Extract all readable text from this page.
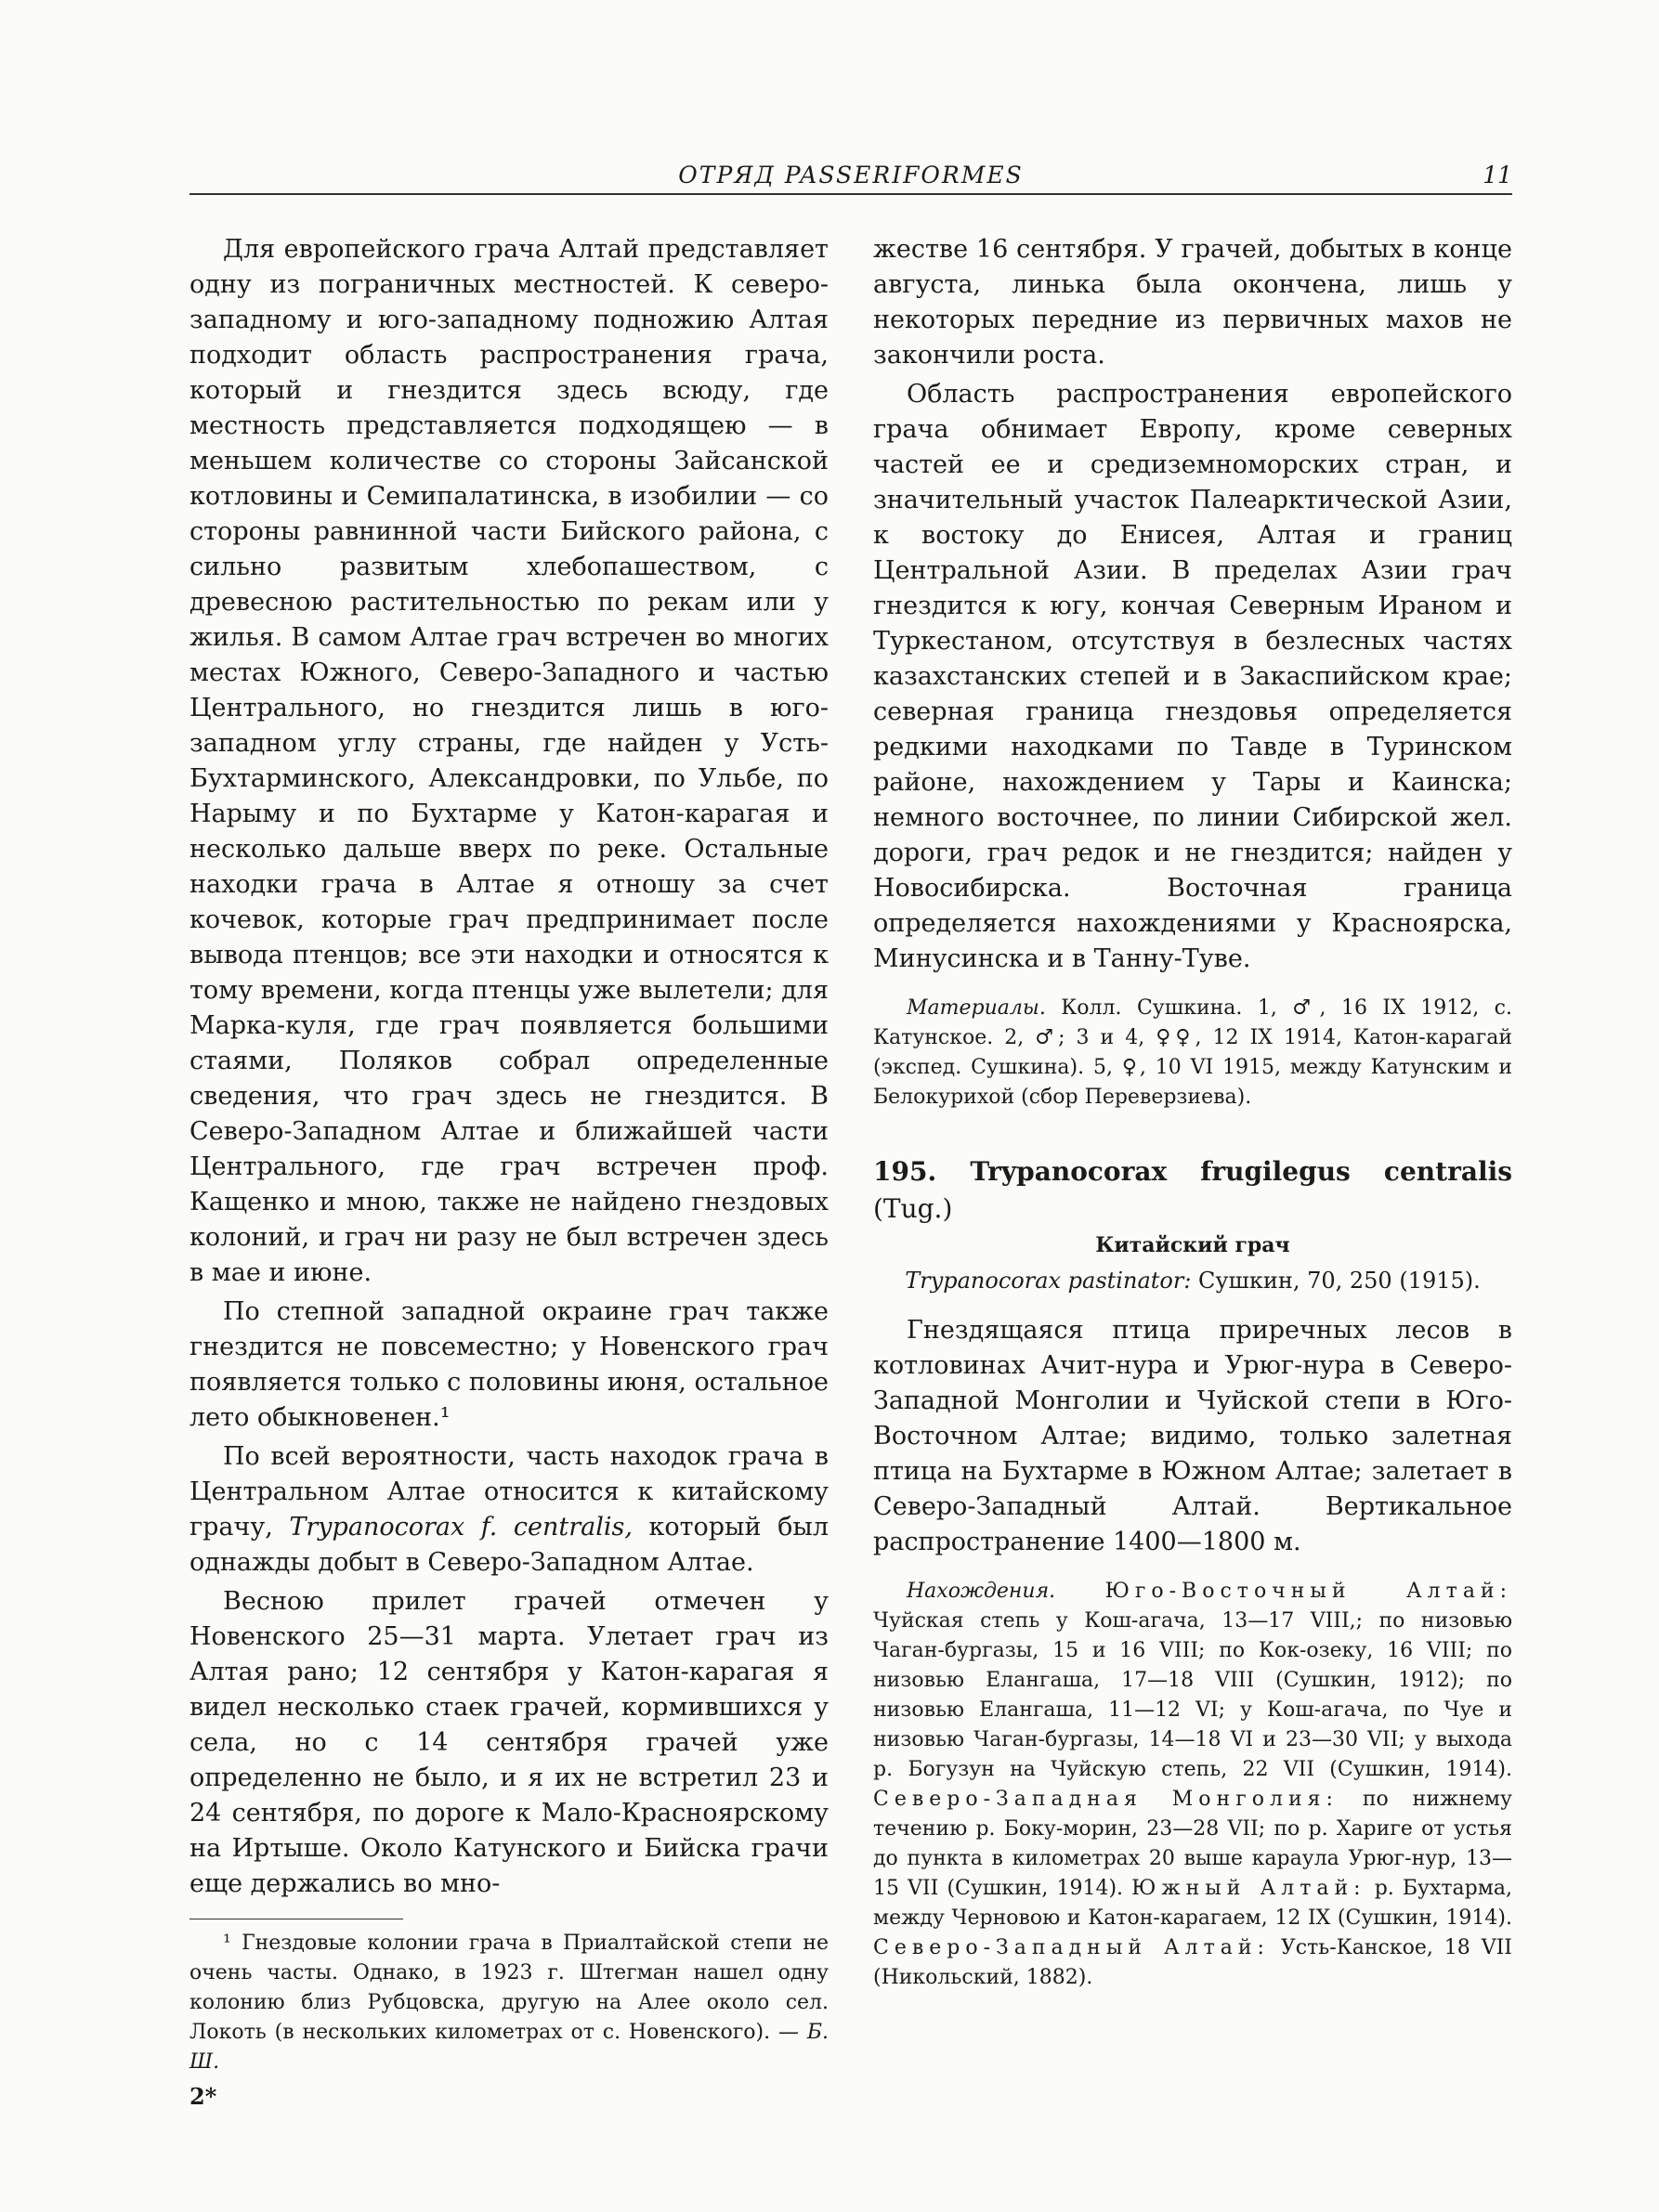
ОТРЯД PASSERIFORMES	11

Для европейского грача Алтай представляет одну из пограничных местностей. К северо-западному и юго-западному подножию Алтая подходит область распространения грача, который и гнездится здесь всюду, где местность представляется подходящею — в меньшем количестве со стороны Зайсанской котловины и Семипалатинска, в изобилии — со стороны равнинной части Бийского района, с сильно развитым хлебопашеством, с древесною растительностью по рекам или у жилья. В самом Алтае грач встречен во многих местах Южного, Северо-Западного и частью Центрального, но гнездится лишь в юго-западном углу страны, где найден у Усть-Бухтарминского, Александровки, по Ульбе, по Нарыму и по Бухтарме у Катон-карагая и несколько дальше вверх по реке. Остальные находки грача в Алтае я отношу за счет кочевок, которые грач предпринимает после вывода птенцов; все эти находки и относятся к тому времени, когда птенцы уже вылетели; для Марка-куля, где грач появляется большими стаями, Поляков собрал определенные сведения, что грач здесь не гнездится. В Северо-Западном Алтае и ближайшей части Центрального, где грач встречен проф. Кащенко и мною, также не найдено гнездовых колоний, и грач ни разу не был встречен здесь в мае и июне.

По степной западной окраине грач также гнездится не повсеместно; у Новенского грач появляется только с половины июня, остальное лето обыкновенен.¹

По всей вероятности, часть находок грача в Центральном Алтае относится к китайскому грачу, Trypanocorax f. centralis, который был однажды добыт в Северо-Западном Алтае.

Весною прилет грачей отмечен у Новенского 25—31 марта. Улетает грач из Алтая рано; 12 сентября у Катон-карагая я видел несколько стаек грачей, кормившихся у села, но с 14 сентября грачей уже определенно не было, и я их не встретил 23 и 24 сентября, по дороге к Мало-Красноярскому на Иртыше. Около Катунского и Бийска грачи еще держались во мно-

¹ Гнездовые колонии грача в Приалтайской степи не очень часты. Однако, в 1923 г. Штегман нашел одну колонию близ Рубцовска, другую на Алее около сел. Локоть (в нескольких километрах от с. Новенского). — Б. Ш.

2*

жестве 16 сентября. У грачей, добытых в конце августа, линька была окончена, лишь у некоторых передние из первичных махов не закончили роста.

Область распространения европейского грача обнимает Европу, кроме северных частей ее и средиземноморских стран, и значительный участок Палеарктической Азии, к востоку до Енисея, Алтая и границ Центральной Азии. В пределах Азии грач гнездится к югу, кончая Северным Ираном и Туркестаном, отсутствуя в безлесных частях казахстанских степей и в Закаспийском крае; северная граница гнездовья определяется редкими находками по Тавде в Туринском районе, нахождением у Тары и Каинска; немного восточнее, по линии Сибирской жел. дороги, грач редок и не гнездится; найден у Новосибирска. Восточная граница определяется нахождениями у Красноярска, Минусинска и в Танну-Туве.

Материалы. Колл. Сушкина. 1, ♂, 16 IX 1912, с. Катунское. 2, ♂; 3 и 4, ♀♀, 12 IX 1914, Катон-карагай (экспед. Сушкина). 5, ♀, 10 VI 1915, между Катунским и Белокурихой (сбор Переверзиева).

195. Trypanocorax frugilegus centralis (Tug.)
Китайский грач
Trypanocorax pastinator: Сушкин, 70, 250 (1915).

Гнездящаяся птица приречных лесов в котловинах Ачит-нура и Урюг-нура в Северо-Западной Монголии и Чуйской степи в Юго-Восточном Алтае; видимо, только залетная птица на Бухтарме в Южном Алтае; залетает в Северо-Западный Алтай. Вертикальное распространение 1400—1800 м.

Нахождения. Юго-Восточный Алтай: Чуйская степь у Кош-агача, 13—17 VIII,; по низовью Чаган-бургазы, 15 и 16 VIII; по Кок-озеку, 16 VIII; по низовью Елангаша, 17—18 VIII (Сушкин, 1912); по низовью Елангаша, 11—12 VI; у Кош-агача, по Чуе и низовью Чаган-бургазы, 14—18 VI и 23—30 VII; у выхода р. Богузун на Чуйскую степь, 22 VII (Сушкин, 1914). Северо-Западная Монголия: по нижнему течению р. Боку-морин, 23—28 VII; по р. Харигe от устья до пункта в километрах 20 выше караула Урюг-нур, 13—15 VII (Сушкин, 1914). Южный Алтай: р. Бухтарма, между Черновою и Катон-карагаем, 12 IX (Сушкин, 1914). Северо-Западный Алтай: Усть-Канское, 18 VII (Никольский, 1882).
